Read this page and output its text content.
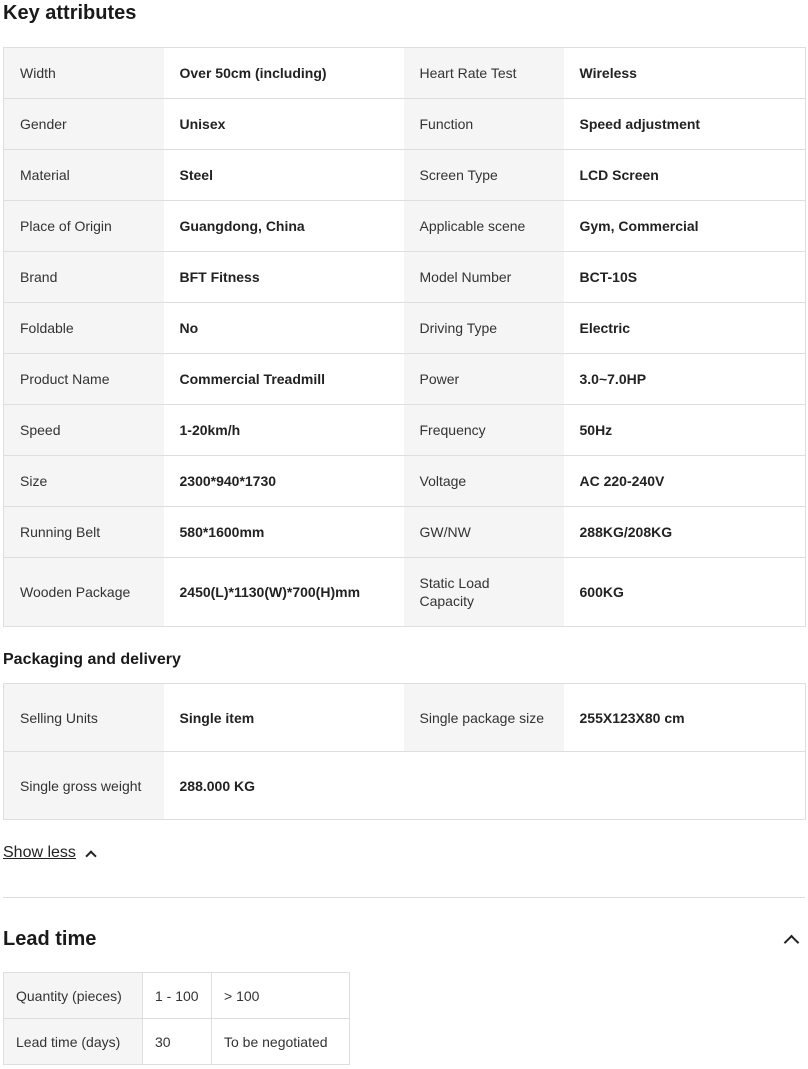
Key attributes
Width	Over 50cm (including)	Heart Rate Test	Wireless
Gender	Unisex	Function	Speed adjustment
Material	Steel	Screen Type	LCD Screen
Place of Origin	Guangdong, China	Applicable scene	Gym, Commercial
Brand	BFT Fitness	Model Number	BCT-10S
Foldable	No	Driving Type	Electric
Product Name	Commercial Treadmill	Power	3.0~7.0HP
Speed	1-20km/h	Frequency	50Hz
Size	2300*940*1730	Voltage	AC 220-240V
Running Belt	580*1600mm	GW/NW	288KG/208KG
Wooden Package	2450(L)*1130(W)*700(H)mm	Static Load Capacity	600KG
Packaging and delivery
Selling Units	Single item	Single package size	255X123X80 cm
Single gross weight	288.000 KG		
Show less
Lead time
Quantity (pieces)	1 - 100	> 100
Lead time (days)	30	To be negotiated
